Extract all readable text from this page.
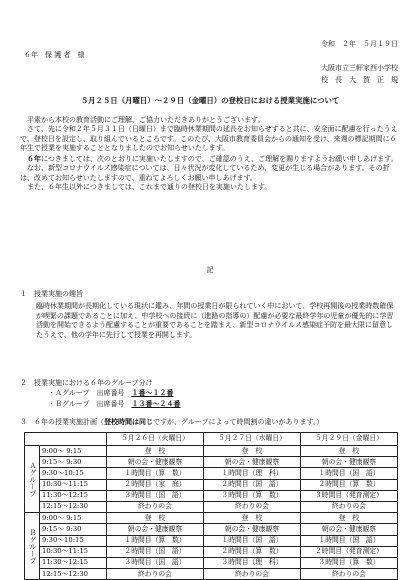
令和　２年　５月１９日
６年　保 護 者　様
大阪市立三軒家西小学校
校　長　大　賀　正　規
５月２５日（月曜日）～２９日（金曜日）の登校日における授業実施について

平素から本校の教育活動にご理解、ご協力いただきありがとうございます。

さて、先に令和２年５月３１日（日曜日）まで臨時休業期間の延長をお知らせすると共に、安全面に配慮を行ったうえで、登校日を設定し、取り組んでいるところです。このたび、大阪市教育委員会からの通知を受け、来週の標記期間に６年生で授業を実施することとなりましたのでお知らせいたします。

６年につきましては、次のとおりに実施いたしますので、ご確認のうえ、ご理解を賜りますようお願い申しあげます。

なお、新型コロナウイルス感染症については、日々状況が変化しているため、変更が生じる場合があります。その折は、改めてお知らせいたしますので、重ねてよろしくお願い申しあげます。

また、６年生以外につきましては、これまで通りの登校日を実施いたします。

記
１　授業実施の趣旨
臨時休業期間が長期化している現状に鑑み、年間の授業日が限られていく中において、学校再開後の授業時数確保が喫緊の課題であることに加え、中学校への接続に（進路の指導の）配慮が必要な最終学年の児童が優先的に学習活動を開始できるよう配慮することが重要であることを踏まえ、新型コロナウイルス感染症予防を最大限に留意したうえで、他の学年に先行して授業を再開します。
２　授業実施における６年のグループ分け
・Ａグループ　出席番号　 １番～１２番
・Ｂグループ　出席番号　 １３番～２４番
３　６年の授業実施計画（登校時間は同じですが、グループによって時間割の違いがあります。）
		５月２６日（火曜日）	５月２７日（水曜日）	５月２９日（金曜日）
Ａグループ	9:00～ 9:15	登　校	登　校	登　校
	9:15～ 9:30	朝の会・健康観察	朝の会・健康観察	朝の会・健康観察
	9:30～10:15	１時間目（算　数）	１時間目（理　科）	１時間目（国　語）
	10:30～11:15	２時間目（家　庭）	２時間目（国　語）	２時間目（算　数）
	11:30～12:15	３時間目（国　語）	３時間目（算　数）	３時間目（発育測定）
	12:15～12:30	終わりの会	終わりの会	終わりの会
Ｂグループ	9:00～ 9:15	登　校	登　校	登　校
	9:15～ 9:30	朝の会・健康観察	朝の会・健康観察	朝の会・健康観察
	9:30～10:15	１時間目（算　数）	１時間目（国　語）	１時間目（国　語）
	10:30～11:15	２時間目（国　語）	２時間目（算　数）	２時間目（発育測定）
	11:30～12:15	３時間目（国　語）	３時間目（理　科）	３時間目（算　数）
	12:15～12:30	終わりの会	終わりの会	終わりの会
